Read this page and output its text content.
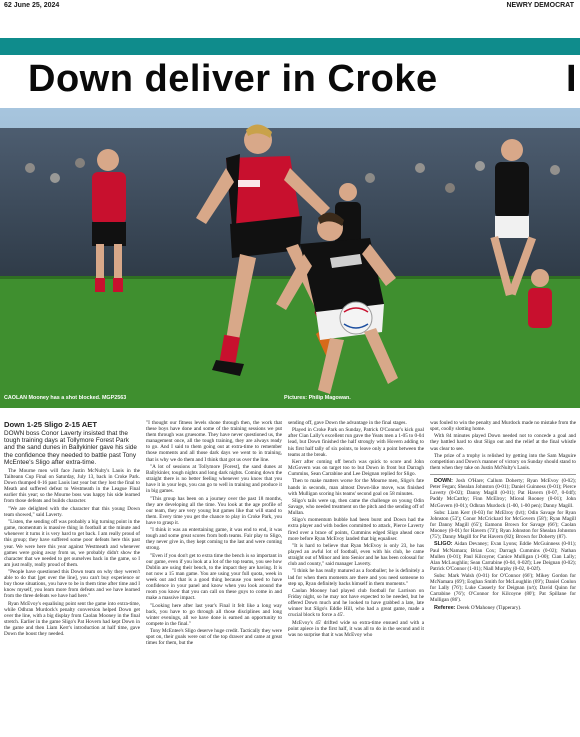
62 June 25, 2024	NEWRY DEMOCRAT
Down deliver in Croke	I
CAOLAN Mooney has a shot blocked. MGP2563	Pictures: Philip Magowan.
Down 1-25 Sligo 2-15 AET
DOWN boss Conor Laverty insisted that the tough training days at Tollymore Forest Park and the sand dunes in Ballykinler gave his side the confidence they needed to battle past Tony McEntee's Sligo after extra-time.

The Mourne men will face Justin McNulty's Laois in the Tailteann Cup Final on Saturday, July 13, back in Croke Park. Down thumped 0-16 past Laois last year but they lost the final to Meath and suffered defeat to Westmeath in the League Final earlier this year; so the Mourne boss was happy his side learned from those defeats and builds character.

"We are delighted with the character that this young Down team showed," said Laverty.

"Listen, the sending off was probably a big turning point in the game, momentum is massive thing in football at the minute and whenever it turns it is very hard to get back. I am really proud of this group; they have suffered some poor defeats here this past year. We were here this year against Westmeath and whenever games were going away from us, we probably didn't show the character that we needed to get ourselves back in the game, so I am just really, really proud of them.

"People have questioned this Down team on why they weren't able to do that [get over the line], you can't buy experience or buy those situations, you have to be in them time after time and I know myself, you learn more from defeats and we have learned from the three defeats we have had here."

Ryan McEvoy's equalising point sent the game into extra-time, while Odhran Murdock's penalty conversion helped Down get over the line, with a big display from Caolan Mooney in the final stretch. Earlier in the game Sligo's Pat Hovern had kept Down in the game and then Liam Kerr's introduction at half time, gave Down the boost they needed.

"I thought our fitness levels shone through then, the work that these boys have done and some of the training sessions we put them through was gruesome. They have never questioned us, the management once, all the tough training, they are always ready to go. And I said to them going out at extra-time to remember those moments and all those dark days we went to in training, that is why we do them and I think that got us over the line.

"A lot of sessions at Tollymore [Forest], the sand dunes at Ballykinler, tough nights and long dark nights. Coming down the straight there is no better feeling whenever you know that you have it in your legs, you can go to well in training and produce it in big games.

"This group has been on a journey over the past 18 months, they are developing all the time. You look at the age profile of our team, they are very young but games like that will stand to them. Every time you get the chance to play in Croke Park, you have to grasp it.

"I think it was an entertaining game, it was end to end, it was tough and some great scores from both teams. Fair play to Sligo, they never give in, they kept coming to the last and were coming strong.

"Even if you don't get to extra time the bench is so important in our game, even if you look at a lot of the top teams, you see how Dublin are using their bench, to the impact they are having. It is not now a 15 man game. You are using your full quota, week in week out and that is a good thing because you need to have confidence in your panel and know when you look around the room you know that you can call on these guys to come in and make a massive impact.

"Looking here after last year's Final it felt like a long way back, you have to go through all those disciplines and long winter evenings, all we have done is earned an opportunity to compete in the final."

Tony McEntee's Sligo deserve huge credit. Tactically they were spot on, their goals were out of the top drawer and came at great times for them, but the

sending off, gave Down the advantage in the final stages.

Played in Croke Park on Sunday, Patrick O'Connor's kick goal after Cian Lally's excellent run gave the Yeats men a 1-05 to 0-04 lead, but Down finished the half strongly with Hovern adding to his first half tally of six points, to leave only a point between the teams at the break.

Kerr after coming off bench was quick to score and John McGovern was on target too to but Down in front but Darragh Cummins, Sean Carrabine and Lee Deignan replied for Sligo.

Then to make matters worse for the Mourne men, Sligo's fate hands in seconds, man almost Down-like move, was finished with Mulligan scoring his teams' second goal on 58 minutes.

Sligo's tails were up, then came the challenge on young Odin Savage, who needed treatment on the pitch and the sending off of Mullan.

Sligo's momentum bubble had been burst and Down had the extra player and with bodies committed to attack, Pierce Laverty fired over a brace of points, Cummins edged Sligo ahead once more before Ryan McEvoy landed that big equaliser.

"It is hard to believe that Ryan McEvoy is only 23, he has played an awful lot of football, even with his club, he came straight out of Minor and into Senior and he has been colossal for club and county," said manager Laverty.

"I think he has really matured as a footballer; he is definitely a lad for when them moments are there and you need someone to step up, Ryan definitely backs himself in them moments."

Caolan Mooney had played club football for Larrison on Friday night, so he may not have expected to be needed, but he offered Down much and he looked to have grabbed a late, late winner but Sligo's Eddie Hill, who had a great game, made a crucial block to force a 45'.

McEvoy's 45' drifted wide so extra-time ensued and with a point apiece in the first half, it was all to do in the second and it was no surprise that it was McEvoy who

was fouled to win the penalty and Murdock made no mistake from the spot, coolly slotting home.

With 84 minutes played Down needed not to concede a goal and they battled hard to shut Sligo out and the relief at the final whistle was clear to see.

The prize of a trophy is relished by getting into the Sam Maguire competition and Down's manner of victory on Sunday should stand to them when they take on Justin McNulty's Laois.

DOWN: Josh O'Hare; Callum Doherty; Ryan McEvoy (0-02); Peter Fegan; Shealan Johnston (0-01); Daniel Guinness (0-01); Pierce Laverty (0-02); Danny Magill (0-01); Pat Havern (0-07, 0-04f); Paddy McCarthy; Finn McElroy; Miceal Rooney (0-01); John McGovern (0-01); Odhran Murdock (1-00, 1-00 pen); Danny Magill.

Subs: Liam Kerr (0-03) for McElroy (h/t); Odin Savage for Ryan Johnston (53'); Conor McCrickard for McGovern (58'); Ryan Magill for Danny Magill (65'); Eamonn Brown for Savage (66'); Caolan Mooney (0-01) for Havern (73'); Ryan Johnston for Shealan Johnston (75'); Danny Magill for Pat Havern (82); Brown for Doherty (87).

SLIGO: Aidan Devaney; Evan Lyons; Eddie McGuinness (0-01); Paul McNamara; Brian Cox; Darragh Cummins (0-02); Nathan Mullen (0-01); Paul Kilcoyne; Canice Mulligan (1-00); Cian Lally; Alan McLoughlin; Sean Carrabine (0-04, 0-02f); Lee Deignan (0-02); Patrick O'Connor (1-01); Niall Murphy (0-02, 0-02f).

Subs: Mark Walsh (0-01) for O'Connor (66'); Mikey Gordon for McNamara (69'); Eoghan Smith for McLoughlin (69'); Daniel Conlon for Lally (76'); Luke Casserly for Deignan (n/t); David Quinn for Carrabine (76'); O'Connor for Kilcoyne (80'); Pat Spillane for Mulligan (86').

Referee: Derek O'Mahoney (Tipperary).
